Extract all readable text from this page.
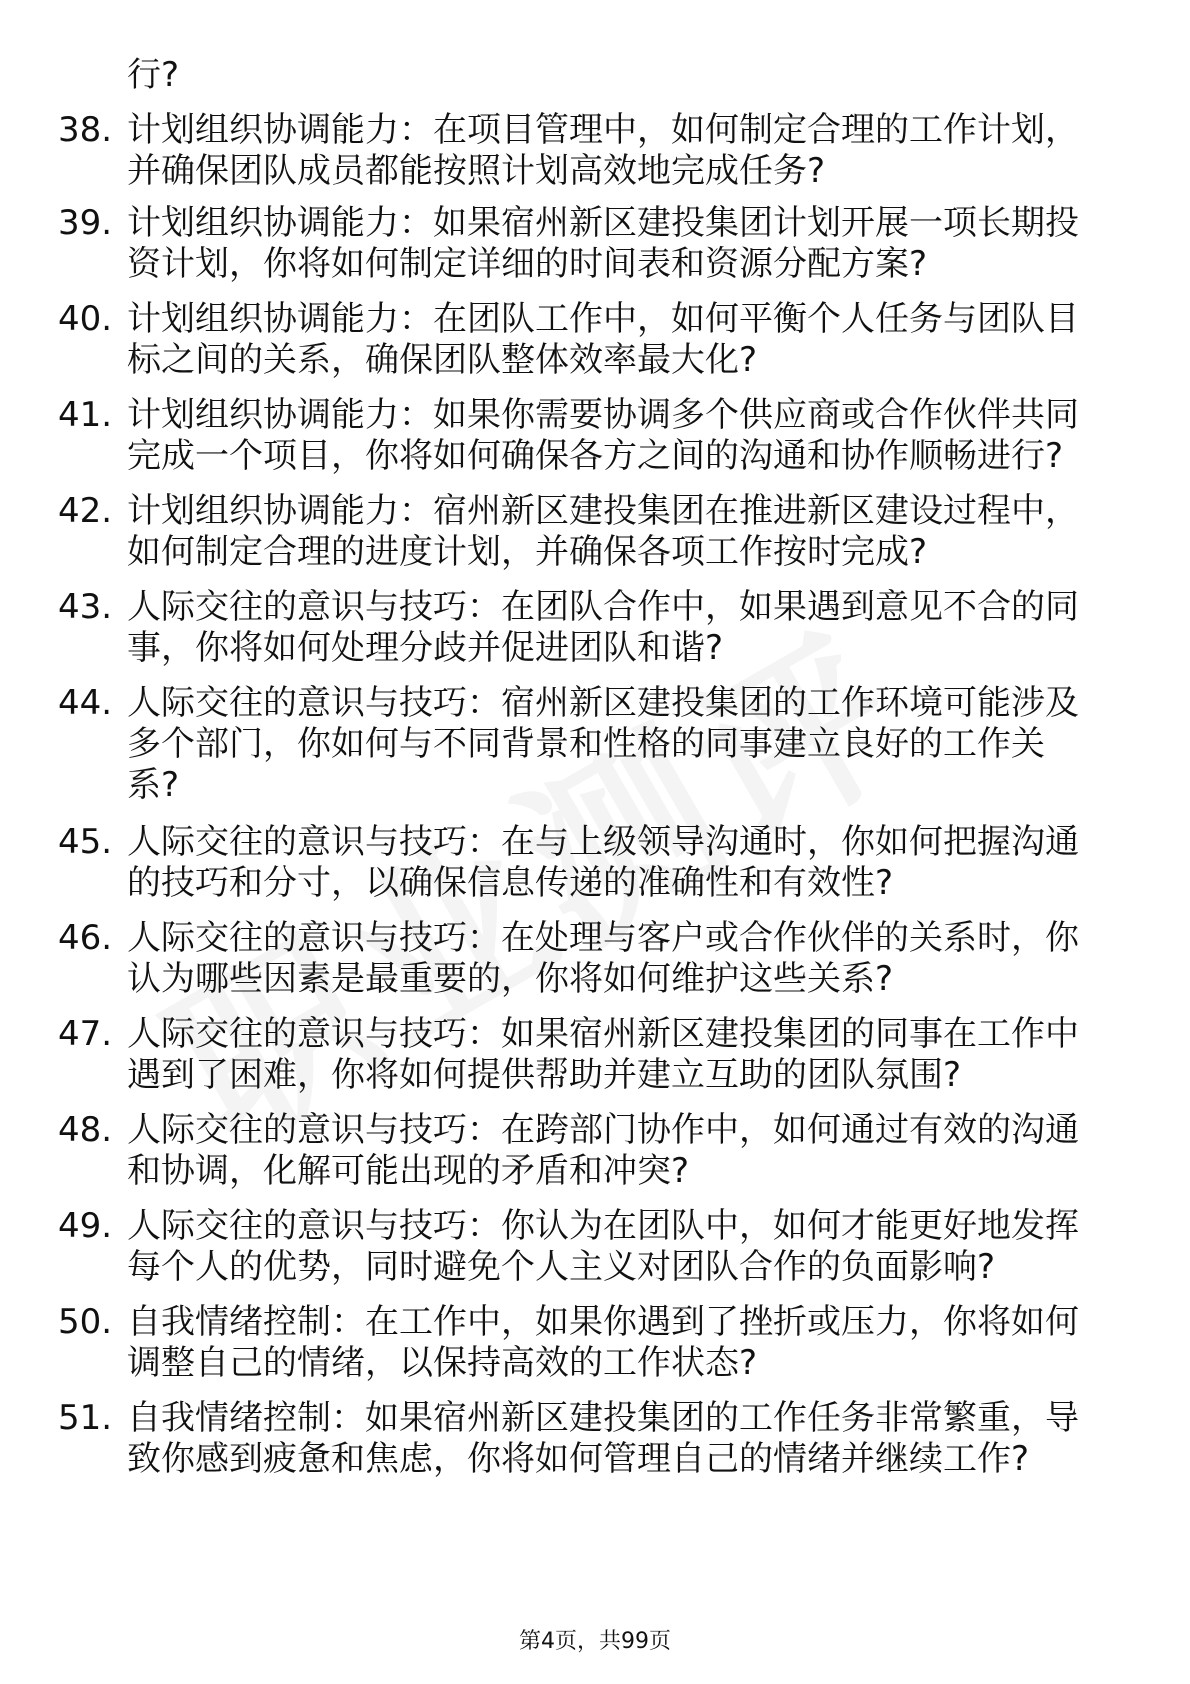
行?
38. 计划组织协调能力：在项目管理中，如何制定合理的工作计划，
并确保团队成员都能按照计划高效地完成任务?
39. 计划组织协调能力：如果宿州新区建投集团计划开展一项长期投
资计划，你将如何制定详细的时间表和资源分配方案?
40. 计划组织协调能力：在团队工作中，如何平衡个人任务与团队目
标之间的关系，确保团队整体效率最大化?
41. 计划组织协调能力：如果你需要协调多个供应商或合作伙伴共同
完成一个项目，你将如何确保各方之间的沟通和协作顺畅进行?
42. 计划组织协调能力：宿州新区建投集团在推进新区建设过程中，
如何制定合理的进度计划，并确保各项工作按时完成?
43. 人际交往的意识与技巧：在团队合作中，如果遇到意见不合的同
事，你将如何处理分歧并促进团队和谐?
44. 人际交往的意识与技巧：宿州新区建投集团的工作环境可能涉及
多个部门，你如何与不同背景和性格的同事建立良好的工作关
系?
45. 人际交往的意识与技巧：在与上级领导沟通时，你如何把握沟通
的技巧和分寸，以确保信息传递的准确性和有效性?
46. 人际交往的意识与技巧：在处理与客户或合作伙伴的关系时，你
认为哪些因素是最重要的，你将如何维护这些关系?
47. 人际交往的意识与技巧：如果宿州新区建投集团的同事在工作中
遇到了困难，你将如何提供帮助并建立互助的团队氛围?
48. 人际交往的意识与技巧：在跨部门协作中，如何通过有效的沟通
和协调，化解可能出现的矛盾和冲突?
49. 人际交往的意识与技巧：你认为在团队中，如何才能更好地发挥
每个人的优势，同时避免个人主义对团队合作的负面影响?
50. 自我情绪控制：在工作中，如果你遇到了挫折或压力，你将如何
调整自己的情绪，以保持高效的工作状态?
51. 自我情绪控制：如果宿州新区建投集团的工作任务非常繁重，导
致你感到疲惫和焦虑，你将如何管理自己的情绪并继续工作?
第4页，共99页
